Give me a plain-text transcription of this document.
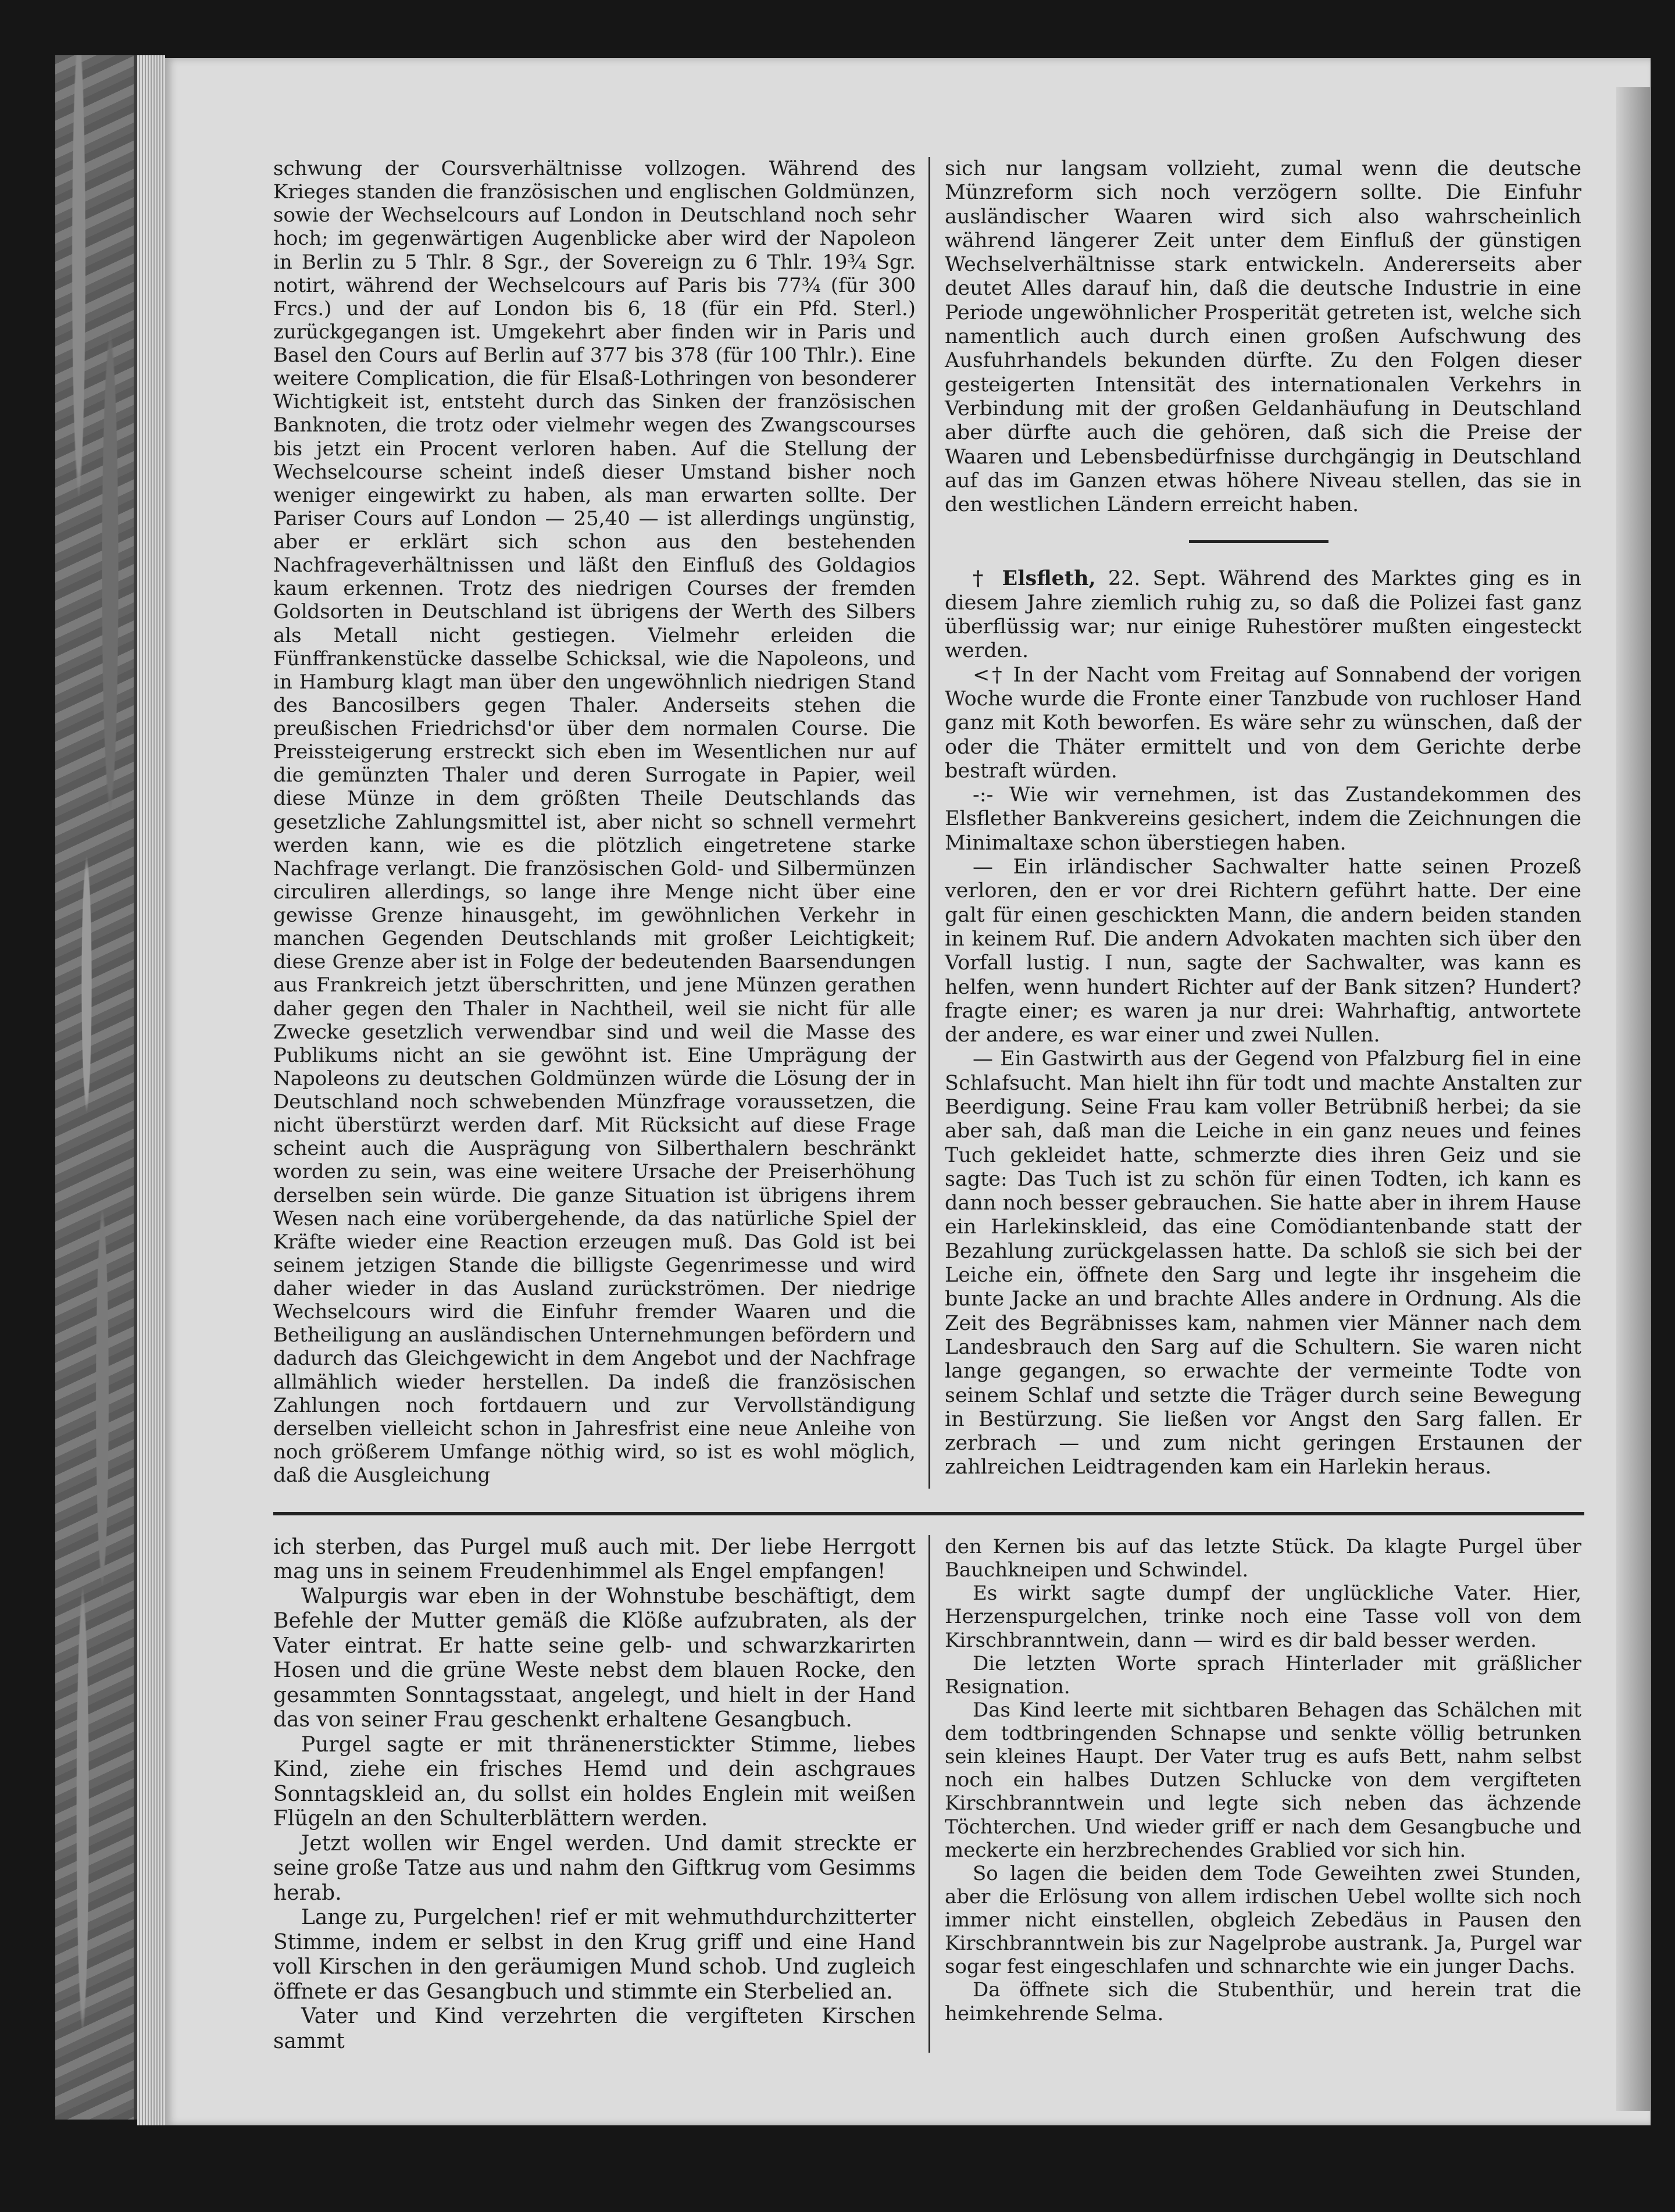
schwung der Coursverhältnisse vollzogen. Während des Krieges standen die französischen und englischen Goldmünzen, sowie der Wechselcours auf London in Deutschland noch sehr hoch; im gegenwärtigen Augenblicke aber wird der Napoleon in Berlin zu 5 Thlr. 8 Sgr., der Sovereign zu 6 Thlr. 19¾ Sgr. notirt, während der Wechselcours auf Paris bis 77¾ (für 300 Frcs.) und der auf London bis 6, 18 (für ein Pfd. Sterl.) zurückgegangen ist. Umgekehrt aber finden wir in Paris und Basel den Cours auf Berlin auf 377 bis 378 (für 100 Thlr.). Eine weitere Complication, die für Elsaß-Lothringen von besonderer Wichtigkeit ist, entsteht durch das Sinken der französischen Banknoten, die trotz oder vielmehr wegen des Zwangscourses bis jetzt ein Procent verloren haben. Auf die Stellung der Wechselcourse scheint indeß dieser Umstand bisher noch weniger eingewirkt zu haben, als man erwarten sollte. Der Pariser Cours auf London — 25,40 — ist allerdings ungünstig, aber er erklärt sich schon aus den bestehenden Nachfrageverhältnissen und läßt den Einfluß des Goldagios kaum erkennen. Trotz des niedrigen Courses der fremden Goldsorten in Deutschland ist übrigens der Werth des Silbers als Metall nicht gestiegen. Vielmehr erleiden die Fünffrankenstücke dasselbe Schicksal, wie die Napoleons, und in Hamburg klagt man über den ungewöhnlich niedrigen Stand des Bancosilbers gegen Thaler. Anderseits stehen die preußischen Friedrichsd'or über dem normalen Course. Die Preissteigerung erstreckt sich eben im Wesentlichen nur auf die gemünzten Thaler und deren Surrogate in Papier, weil diese Münze in dem größten Theile Deutschlands das gesetzliche Zahlungsmittel ist, aber nicht so schnell vermehrt werden kann, wie es die plötzlich eingetretene starke Nachfrage verlangt. Die französischen Gold- und Silbermünzen circuliren allerdings, so lange ihre Menge nicht über eine gewisse Grenze hinausgeht, im gewöhnlichen Verkehr in manchen Gegenden Deutschlands mit großer Leichtigkeit; diese Grenze aber ist in Folge der bedeutenden Baarsendungen aus Frankreich jetzt überschritten, und jene Münzen gerathen daher gegen den Thaler in Nachtheil, weil sie nicht für alle Zwecke gesetzlich verwendbar sind und weil die Masse des Publikums nicht an sie gewöhnt ist. Eine Umprägung der Napoleons zu deutschen Goldmünzen würde die Lösung der in Deutschland noch schwebenden Münzfrage voraussetzen, die nicht überstürzt werden darf. Mit Rücksicht auf diese Frage scheint auch die Ausprägung von Silberthalern beschränkt worden zu sein, was eine weitere Ursache der Preiserhöhung derselben sein würde. Die ganze Situation ist übrigens ihrem Wesen nach eine vorübergehende, da das natürliche Spiel der Kräfte wieder eine Reaction erzeugen muß. Das Gold ist bei seinem jetzigen Stande die billigste Gegenrimesse und wird daher wieder in das Ausland zurückströmen. Der niedrige Wechselcours wird die Einfuhr fremder Waaren und die Betheiligung an ausländischen Unternehmungen befördern und dadurch das Gleichgewicht in dem Angebot und der Nachfrage allmählich wieder herstellen. Da indeß die französischen Zahlungen noch fortdauern und zur Vervollständigung derselben vielleicht schon in Jahresfrist eine neue Anleihe von noch größerem Umfange nöthig wird, so ist es wohl möglich, daß die Ausgleichung

sich nur langsam vollzieht, zumal wenn die deutsche Münzreform sich noch verzögern sollte. Die Einfuhr ausländischer Waaren wird sich also wahrscheinlich während längerer Zeit unter dem Einfluß der günstigen Wechselverhältnisse stark entwickeln. Andererseits aber deutet Alles darauf hin, daß die deutsche Industrie in eine Periode ungewöhnlicher Prosperität getreten ist, welche sich namentlich auch durch einen großen Aufschwung des Ausfuhrhandels bekunden dürfte. Zu den Folgen dieser gesteigerten Intensität des internationalen Verkehrs in Verbindung mit der großen Geldanhäufung in Deutschland aber dürfte auch die gehören, daß sich die Preise der Waaren und Lebensbedürfnisse durchgängig in Deutschland auf das im Ganzen etwas höhere Niveau stellen, das sie in den westlichen Ländern erreicht haben.

† Elsfleth, 22. Sept. Während des Marktes ging es in diesem Jahre ziemlich ruhig zu, so daß die Polizei fast ganz überflüssig war; nur einige Ruhestörer mußten eingesteckt werden.

<† In der Nacht vom Freitag auf Sonnabend der vorigen Woche wurde die Fronte einer Tanzbude von ruchloser Hand ganz mit Koth beworfen. Es wäre sehr zu wünschen, daß der oder die Thäter ermittelt und von dem Gerichte derbe bestraft würden.

-:- Wie wir vernehmen, ist das Zustandekommen des Elsflether Bankvereins gesichert, indem die Zeichnungen die Minimaltaxe schon überstiegen haben.

— Ein irländischer Sachwalter hatte seinen Prozeß verloren, den er vor drei Richtern geführt hatte. Der eine galt für einen geschickten Mann, die andern beiden standen in keinem Ruf. Die andern Advokaten machten sich über den Vorfall lustig. I nun, sagte der Sachwalter, was kann es helfen, wenn hundert Richter auf der Bank sitzen? Hundert? fragte einer; es waren ja nur drei: Wahrhaftig, antwortete der andere, es war einer und zwei Nullen.

— Ein Gastwirth aus der Gegend von Pfalzburg fiel in eine Schlafsucht. Man hielt ihn für todt und machte Anstalten zur Beerdigung. Seine Frau kam voller Betrübniß herbei; da sie aber sah, daß man die Leiche in ein ganz neues und feines Tuch gekleidet hatte, schmerzte dies ihren Geiz und sie sagte: Das Tuch ist zu schön für einen Todten, ich kann es dann noch besser gebrauchen. Sie hatte aber in ihrem Hause ein Harlekinskleid, das eine Comödiantenbande statt der Bezahlung zurückgelassen hatte. Da schloß sie sich bei der Leiche ein, öffnete den Sarg und legte ihr insgeheim die bunte Jacke an und brachte Alles andere in Ordnung. Als die Zeit des Begräbnisses kam, nahmen vier Männer nach dem Landesbrauch den Sarg auf die Schultern. Sie waren nicht lange gegangen, so erwachte der vermeinte Todte von seinem Schlaf und setzte die Träger durch seine Bewegung in Bestürzung. Sie ließen vor Angst den Sarg fallen. Er zerbrach — und zum nicht geringen Erstaunen der zahlreichen Leidtragenden kam ein Harlekin heraus.

ich sterben, das Purgel muß auch mit. Der liebe Herrgott mag uns in seinem Freudenhimmel als Engel empfangen!

Walpurgis war eben in der Wohnstube beschäftigt, dem Befehle der Mutter gemäß die Klöße aufzubraten, als der Vater eintrat. Er hatte seine gelb- und schwarzkarirten Hosen und die grüne Weste nebst dem blauen Rocke, den gesammten Sonntagsstaat, angelegt, und hielt in der Hand das von seiner Frau geschenkt erhaltene Gesangbuch.

Purgel sagte er mit thränenerstickter Stimme, liebes Kind, ziehe ein frisches Hemd und dein aschgraues Sonntagskleid an, du sollst ein holdes Englein mit weißen Flügeln an den Schulterblättern werden.

Jetzt wollen wir Engel werden. Und damit streckte er seine große Tatze aus und nahm den Giftkrug vom Gesimms herab.

Lange zu, Purgelchen! rief er mit wehmuthdurchzitterter Stimme, indem er selbst in den Krug griff und eine Hand voll Kirschen in den geräumigen Mund schob. Und zugleich öffnete er das Gesangbuch und stimmte ein Sterbelied an.

Vater und Kind verzehrten die vergifteten Kirschen sammt

den Kernen bis auf das letzte Stück. Da klagte Purgel über Bauchkneipen und Schwindel.

Es wirkt sagte dumpf der unglückliche Vater. Hier, Herzenspurgelchen, trinke noch eine Tasse voll von dem Kirschbranntwein, dann — wird es dir bald besser werden.

Die letzten Worte sprach Hinterlader mit gräßlicher Resignation.

Das Kind leerte mit sichtbaren Behagen das Schälchen mit dem todtbringenden Schnapse und senkte völlig betrunken sein kleines Haupt. Der Vater trug es aufs Bett, nahm selbst noch ein halbes Dutzen Schlucke von dem vergifteten Kirschbranntwein und legte sich neben das ächzende Töchterchen. Und wieder griff er nach dem Gesangbuche und meckerte ein herzbrechendes Grablied vor sich hin.

So lagen die beiden dem Tode Geweihten zwei Stunden, aber die Erlösung von allem irdischen Uebel wollte sich noch immer nicht einstellen, obgleich Zebedäus in Pausen den Kirschbranntwein bis zur Nagelprobe austrank. Ja, Purgel war sogar fest eingeschlafen und schnarchte wie ein junger Dachs.

Da öffnete sich die Stubenthür, und herein trat die heimkehrende Selma.
